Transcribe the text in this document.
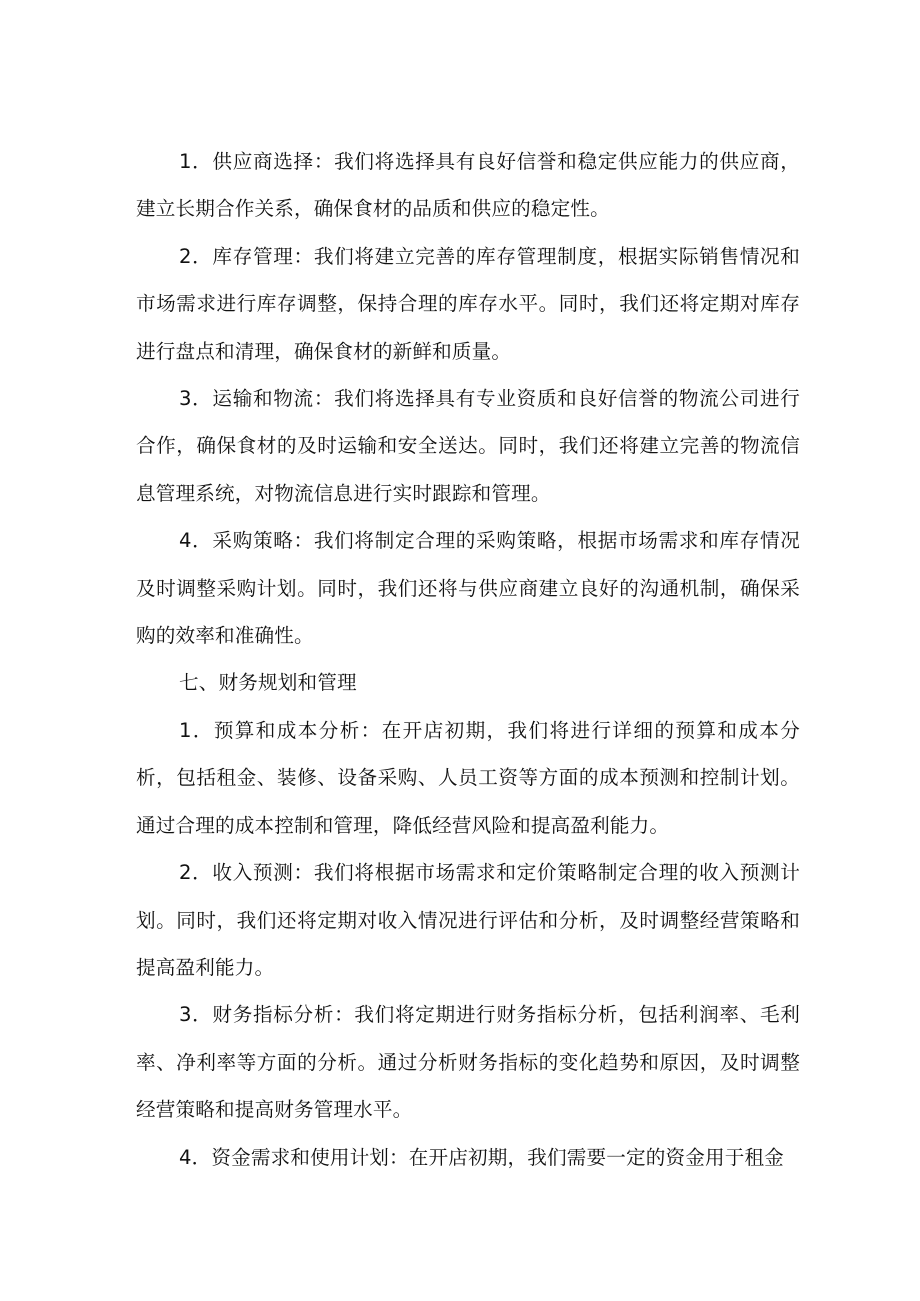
1．供应商选择：我们将选择具有良好信誉和稳定供应能力的供应商，建立长期合作关系，确保食材的品质和供应的稳定性。

2．库存管理：我们将建立完善的库存管理制度，根据实际销售情况和市场需求进行库存调整，保持合理的库存水平。同时，我们还将定期对库存进行盘点和清理，确保食材的新鲜和质量。

3．运输和物流：我们将选择具有专业资质和良好信誉的物流公司进行合作，确保食材的及时运输和安全送达。同时，我们还将建立完善的物流信息管理系统，对物流信息进行实时跟踪和管理。

4．采购策略：我们将制定合理的采购策略，根据市场需求和库存情况及时调整采购计划。同时，我们还将与供应商建立良好的沟通机制，确保采购的效率和准确性。

七、财务规划和管理

1．预算和成本分析：在开店初期，我们将进行详细的预算和成本分析，包括租金、装修、设备采购、人员工资等方面的成本预测和控制计划。通过合理的成本控制和管理，降低经营风险和提高盈利能力。

2．收入预测：我们将根据市场需求和定价策略制定合理的收入预测计划。同时，我们还将定期对收入情况进行评估和分析，及时调整经营策略和提高盈利能力。

3．财务指标分析：我们将定期进行财务指标分析，包括利润率、毛利率、净利率等方面的分析。通过分析财务指标的变化趋势和原因，及时调整经营策略和提高财务管理水平。

4．资金需求和使用计划：在开店初期，我们需要一定的资金用于租金
